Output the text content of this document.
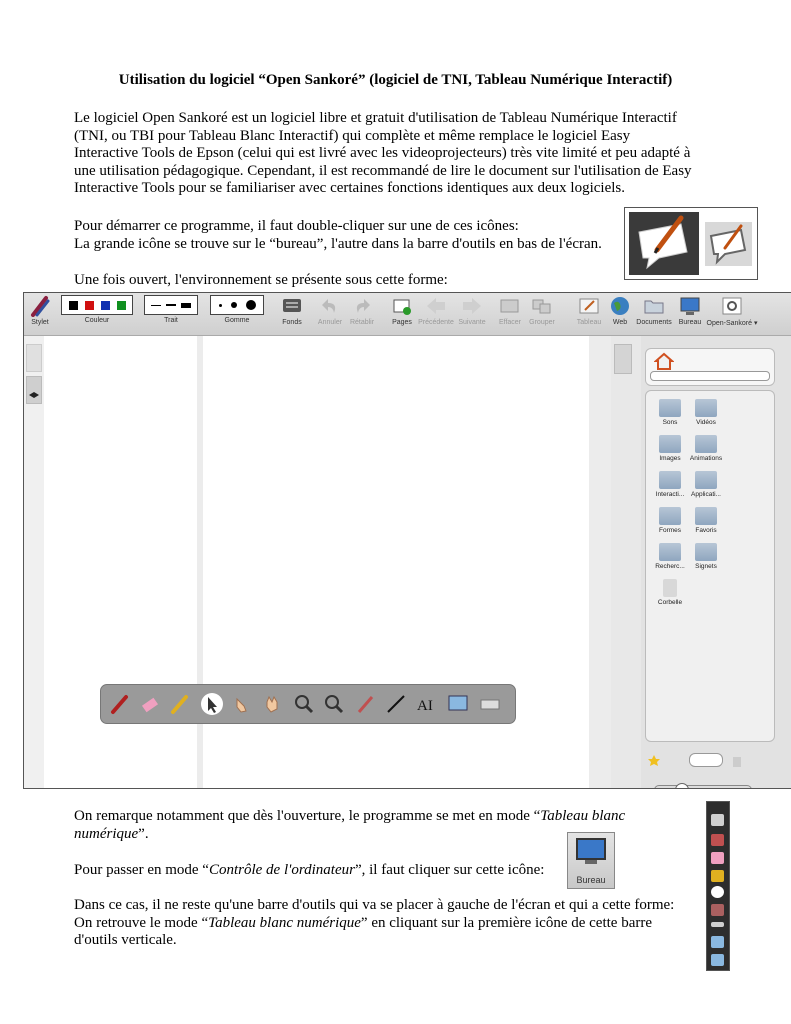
Utilisation du logiciel “Open Sankoré” (logiciel de TNI, Tableau Numérique Interactif)

Le logiciel Open Sankoré est un logiciel libre et gratuit d'utilisation de Tableau Numérique Interactif

(TNI, ou TBI pour Tableau Blanc Interactif) qui complète et même remplace le logiciel Easy

Interactive Tools de Epson (celui qui est livré avec les videoprojecteurs) très vite limité et peu adapté à

une utilisation pédagogique. Cependant, il est recommandé de lire le document sur l'utilisation de Easy

Interactive Tools pour se familiariser avec certaines fonctions identiques aux deux logiciels.

Pour démarrer ce programme, il faut double-cliquer sur une de ces icônes:

La grande icône se trouve sur le “bureau”, l'autre dans la barre d'outils en bas de l'écran.

Une fois ouvert, l'environnement se présente sous cette forme:
Stylet	Couleur	Trait	Gomme	Fonds	Annuler Rétablir	Pages Précédente Suivante	Effacer	Grouper	Tableau	Web	Documents	Bureau Open-Sankoré ▾
Sons	Vidéos
Images	Animations
Interacti...	Applicati...
Formes	Favoris
Recherc...	Signets
Corbelle
AI

On remarque notamment que dès l'ouverture, le programme se met en mode “Tableau blanc

numérique”.

Pour passer en mode “Contrôle de l'ordinateur”, il faut cliquer sur cette icône:

Bureau

Dans ce cas, il ne reste qu'une barre d'outils qui va se placer à gauche de l'écran et qui a cette forme:

On retrouve le mode “Tableau blanc numérique” en cliquant sur la première icône de cette barre

d'outils verticale.
